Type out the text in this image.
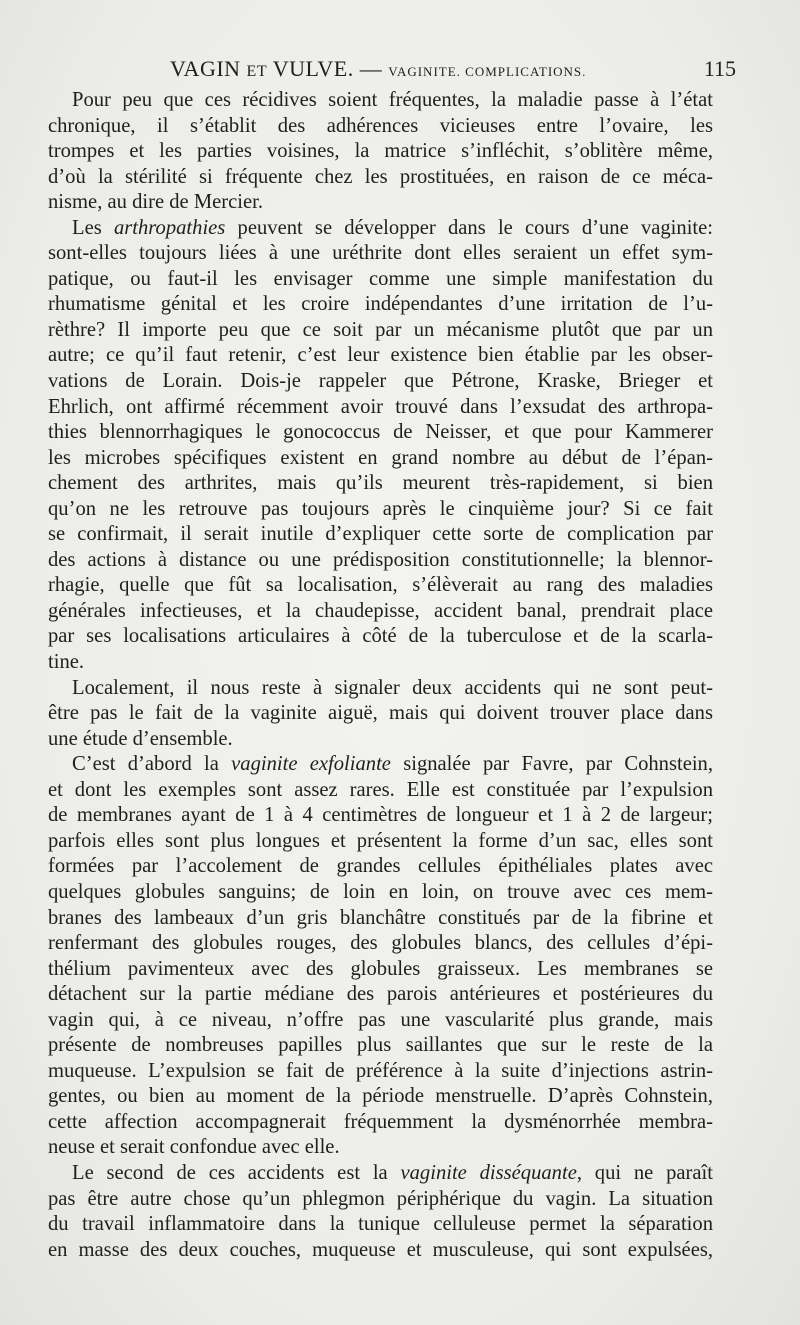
VAGIN ET VULVE. — VAGINITE. COMPLICATIONS.	115
Pour peu que ces récidives soient fréquentes, la maladie passe à l’état
chronique, il s’établit des adhérences vicieuses entre l’ovaire, les
trompes et les parties voisines, la matrice s’infléchit, s’oblitère même,
d’où la stérilité si fréquente chez les prostituées, en raison de ce méca-
nisme, au dire de Mercier.
Les arthropathies peuvent se développer dans le cours d’une vaginite:
sont-elles toujours liées à une uréthrite dont elles seraient un effet sym-
patique, ou faut-il les envisager comme une simple manifestation du
rhumatisme génital et les croire indépendantes d’une irritation de l’u-
rèthre? Il importe peu que ce soit par un mécanisme plutôt que par un
autre; ce qu’il faut retenir, c’est leur existence bien établie par les obser-
vations de Lorain. Dois-je rappeler que Pétrone, Kraske, Brieger et
Ehrlich, ont affirmé récemment avoir trouvé dans l’exsudat des arthropa-
thies blennorrhagiques le gonococcus de Neisser, et que pour Kammerer
les microbes spécifiques existent en grand nombre au début de l’épan-
chement des arthrites, mais qu’ils meurent très-rapidement, si bien
qu’on ne les retrouve pas toujours après le cinquième jour? Si ce fait
se confirmait, il serait inutile d’expliquer cette sorte de complication par
des actions à distance ou une prédisposition constitutionnelle; la blennor-
rhagie, quelle que fût sa localisation, s’élèverait au rang des maladies
générales infectieuses, et la chaudepisse, accident banal, prendrait place
par ses localisations articulaires à côté de la tuberculose et de la scarla-
tine.
Localement, il nous reste à signaler deux accidents qui ne sont peut-
être pas le fait de la vaginite aiguë, mais qui doivent trouver place dans
une étude d’ensemble.
C’est d’abord la vaginite exfoliante signalée par Favre, par Cohnstein,
et dont les exemples sont assez rares. Elle est constituée par l’expulsion
de membranes ayant de 1 à 4 centimètres de longueur et 1 à 2 de largeur;
parfois elles sont plus longues et présentent la forme d’un sac, elles sont
formées par l’accolement de grandes cellules épithéliales plates avec
quelques globules sanguins; de loin en loin, on trouve avec ces mem-
branes des lambeaux d’un gris blanchâtre constitués par de la fibrine et
renfermant des globules rouges, des globules blancs, des cellules d’épi-
thélium pavimenteux avec des globules graisseux. Les membranes se
détachent sur la partie médiane des parois antérieures et postérieures du
vagin qui, à ce niveau, n’offre pas une vascularité plus grande, mais
présente de nombreuses papilles plus saillantes que sur le reste de la
muqueuse. L’expulsion se fait de préférence à la suite d’injections astrin-
gentes, ou bien au moment de la période menstruelle. D’après Cohnstein,
cette affection accompagnerait fréquemment la dysménorrhée membra-
neuse et serait confondue avec elle.
Le second de ces accidents est la vaginite disséquante, qui ne paraît
pas être autre chose qu’un phlegmon périphérique du vagin. La situation
du travail inflammatoire dans la tunique celluleuse permet la séparation
en masse des deux couches, muqueuse et musculeuse, qui sont expulsées,
